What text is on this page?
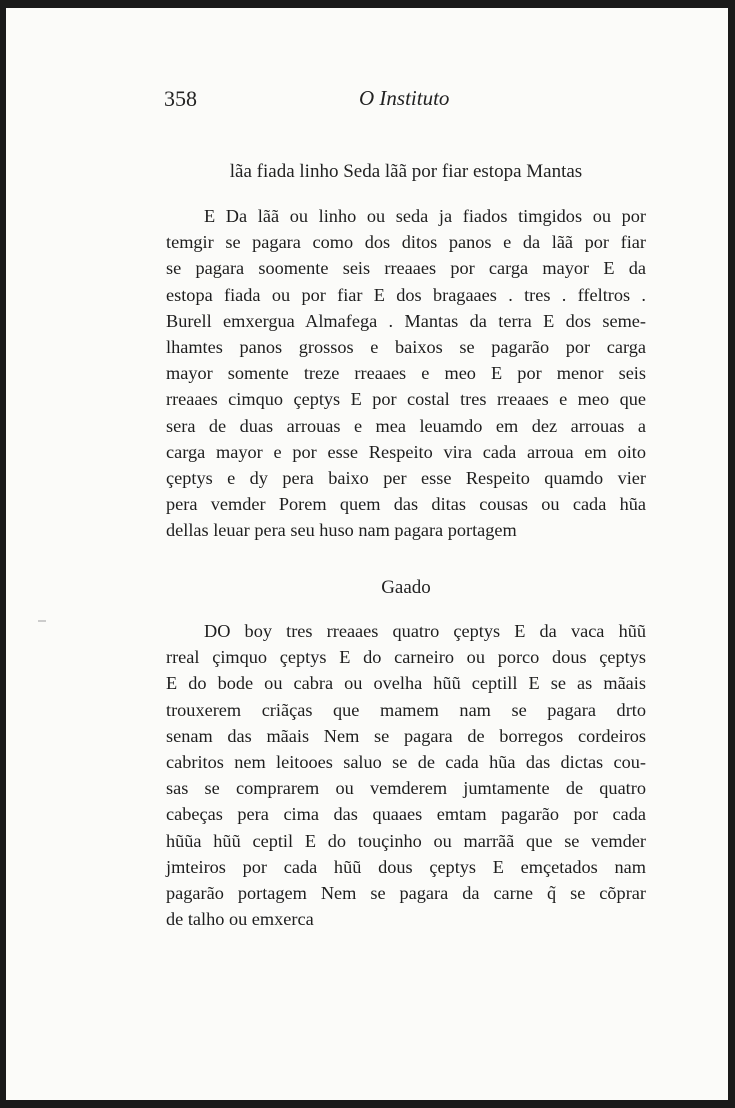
358	O Instituto
lãa fiada linho Seda lãã por fiar estopa Mantas
E Da lãã ou linho ou seda ja fiados timgidos ou por
temgir se pagara como dos ditos panos e da lãã por fiar
se pagara soomente seis rreaaes por carga mayor E da
estopa fiada ou por fiar E dos bragaaes . tres . ffeltros .
Burell emxergua Almafega . Mantas da terra E dos seme-
lhamtes panos grossos e baixos se pagarão por carga
mayor somente treze rreaaes e meo E por menor seis
rreaaes cimquo çeptys E por costal tres rreaaes e meo que
sera de duas arrouas e mea leuamdo em dez arrouas a
carga mayor e por esse Respeito vira cada arroua em oito
çeptys e dy pera baixo per esse Respeito quamdo vier
pera vemder Porem quem das ditas cousas ou cada hũa
dellas leuar pera seu huso nam pagara portagem
Gaado
DO boy tres rreaaes quatro çeptys E da vaca hũũ
rreal çimquo çeptys E do carneiro ou porco dous çeptys
E do bode ou cabra ou ovelha hũũ ceptill E se as mãais
trouxerem criãças que mamem nam se pagara drto
senam das mãais Nem se pagara de borregos cordeiros
cabritos nem leitooes saluo se de cada hũa das dictas cou-
sas se comprarem ou vemderem jumtamente de quatro
cabeças pera cima das quaaes emtam pagarão por cada
hũũa hũũ ceptil E do touçinho ou marrãã que se vemder
jmteiros por cada hũũ dous çeptys E emçetados nam
pagarão portagem Nem se pagara da carne q̃ se cõprar
de talho ou emxerca
